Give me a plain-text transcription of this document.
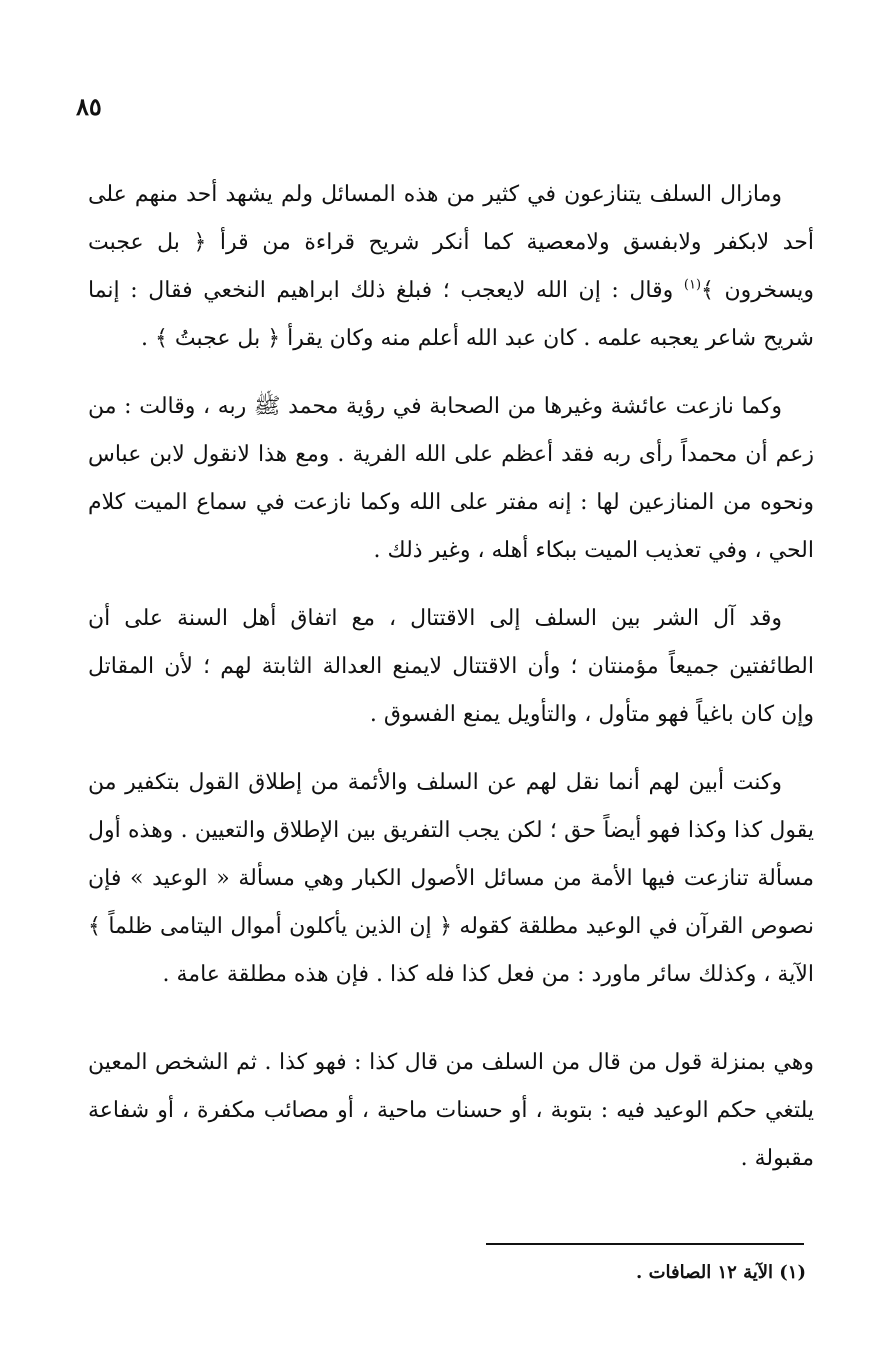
٨٥

ومازال السلف يتنازعون في كثير من هذه المسائل ولم يشهد أحد منهم على أحد لابكفر ولابفسق ولامعصية كما أنكر شريح قراءة من قرأ ﴿ بل عجبت ويسخرون ﴾$^{(١)}$ وقال : إن الله لايعجب ؛ فبلغ ذلك ابراهيم النخعي فقال : إنما شريح شاعر يعجبه علمه . كان عبد الله أعلم منه وكان يقرأ ﴿ بل عجبتُ ﴾ .

وكما نازعت عائشة وغيرها من الصحابة في رؤية محمد ﷺ ربه ، وقالت : من زعم أن محمداً رأى ربه فقد أعظم على الله الفرية . ومع هذا لانقول لابن عباس ونحوه من المنازعين لها : إنه مفتر على الله وكما نازعت في سماع الميت كلام الحي ، وفي تعذيب الميت ببكاء أهله ، وغير ذلك .

وقد آل الشر بين السلف إلى الاقتتال ، مع اتفاق أهل السنة على أن الطائفتين جميعاً مؤمنتان ؛ وأن الاقتتال لايمنع العدالة الثابتة لهم ؛ لأن المقاتل وإن كان باغياً فهو متأول ، والتأويل يمنع الفسوق .

وكنت أبين لهم أنما نقل لهم عن السلف والأئمة من إطلاق القول بتكفير من يقول كذا وكذا فهو أيضاً حق ؛ لكن يجب التفريق بين الإطلاق والتعيين . وهذه أول مسألة تنازعت فيها الأمة من مسائل الأصول الكبار وهي مسألة « الوعيد » فإن نصوص القرآن في الوعيد مطلقة كقوله ﴿ إن الذين يأكلون أموال اليتامى ظلماً ﴾ الآية ، وكذلك سائر ماورد : من فعل كذا فله كذا . فإن هذه مطلقة عامة .

وهي بمنزلة قول من قال من السلف من قال كذا : فهو كذا . ثم الشخص المعين يلتغي حكم الوعيد فيه : بتوبة ، أو حسنات ماحية ، أو مصائب مكفرة ، أو شفاعة مقبولة .

(١) الآية ١٢ الصافات .
